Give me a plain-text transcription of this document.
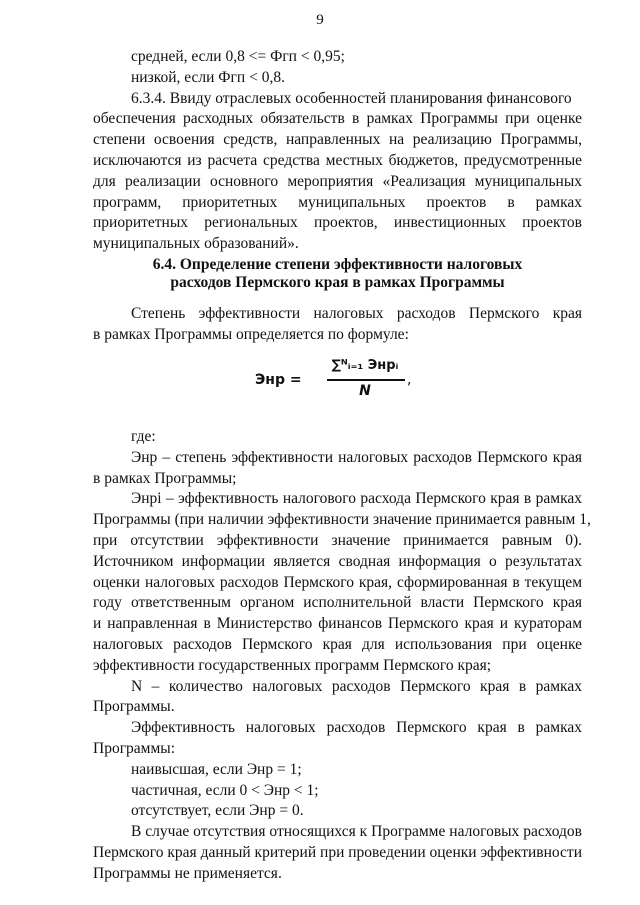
9
средней, если 0,8 <= Фгп < 0,95;
низкой, если Фгп < 0,8.
6.3.4. Ввиду отраслевых особенностей планирования финансового
обеспечения расходных обязательств в рамках Программы при оценке
степени освоения средств, направленных на реализацию Программы,
исключаются из расчета средства местных бюджетов, предусмотренные
для реализации основного мероприятия «Реализация муниципальных
программ, приоритетных муниципальных проектов в рамках
приоритетных региональных проектов, инвестиционных проектов
муниципальных образований».
6.4. Определение степени эффективности налоговых
расходов Пермского края в рамках Программы
Степень эффективности налоговых расходов Пермского края
в рамках Программы определяется по формуле:
Энр =
∑ᴺᵢ₌₁ Энрᵢ
N
,
где:
Энр – степень эффективности налоговых расходов Пермского края
в рамках Программы;
Энрi – эффективность налогового расхода Пермского края в рамках
Программы (при наличии эффективности значение принимается равным 1,
при отсутствии эффективности значение принимается равным 0).
Источником информации является сводная информация о результатах
оценки налоговых расходов Пермского края, сформированная в текущем
году ответственным органом исполнительной власти Пермского края
и направленная в Министерство финансов Пермского края и кураторам
налоговых расходов Пермского края для использования при оценке
эффективности государственных программ Пермского края;
N – количество налоговых расходов Пермского края в рамках
Программы.
Эффективность налоговых расходов Пермского края в рамках
Программы:
наивысшая, если Энр = 1;
частичная, если 0 < Энр < 1;
отсутствует, если Энр = 0.
В случае отсутствия относящихся к Программе налоговых расходов
Пермского края данный критерий при проведении оценки эффективности
Программы не применяется.
